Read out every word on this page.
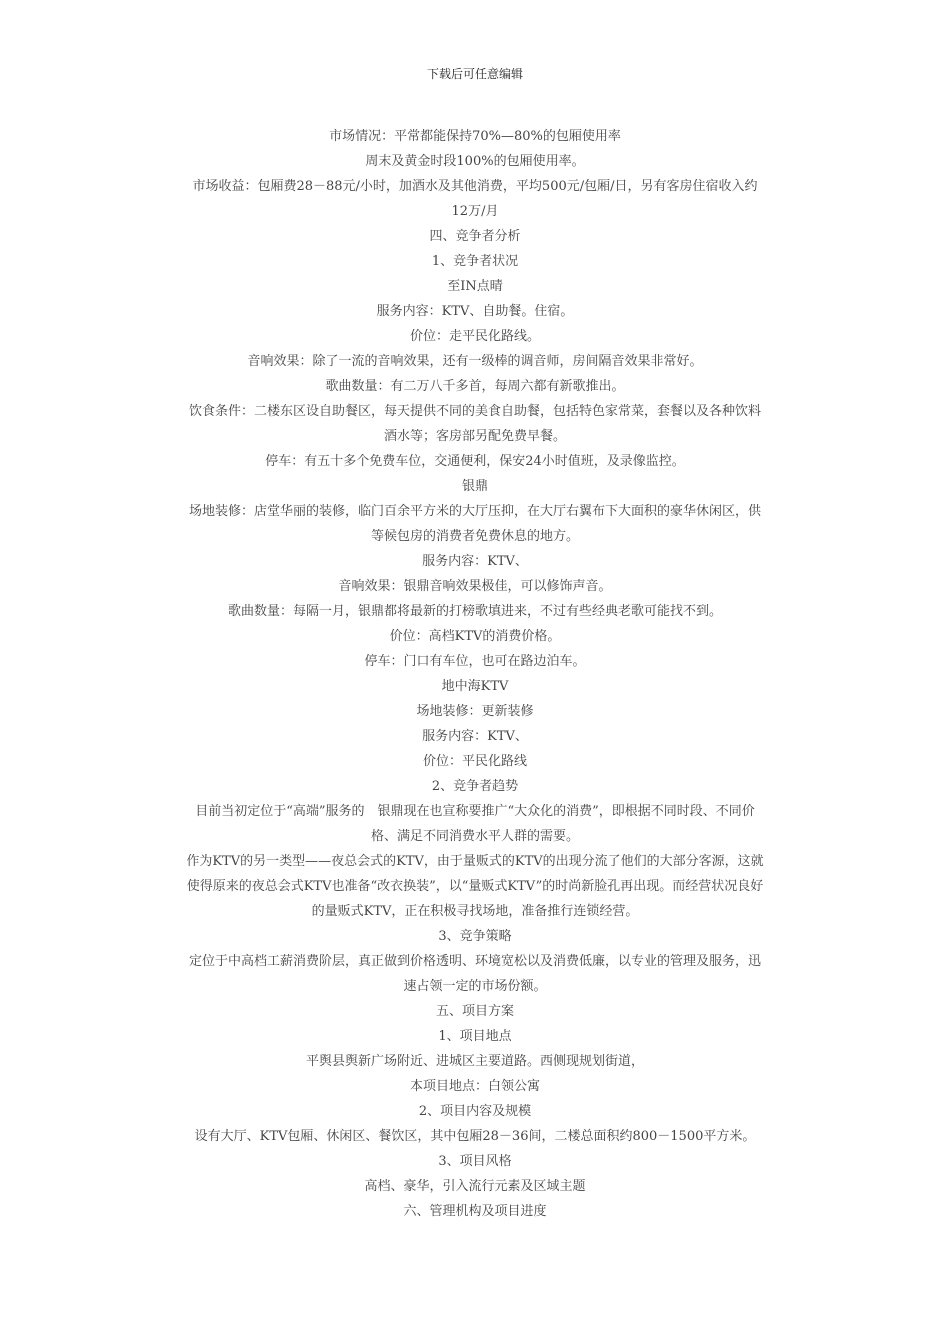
下载后可任意编辑
市场情况：平常都能保持70%—80%的包厢使用率
周末及黄金时段100%的包厢使用率。
市场收益：包厢费28－88元/小时，加酒水及其他消费，平均500元/包厢/日，另有客房住宿收入约
12万/月
四、竞争者分析
1、竞争者状况
至IN点晴
服务内容：KTV、自助餐。住宿。
价位：走平民化路线。
音响效果：除了一流的音响效果，还有一级棒的调音师，房间隔音效果非常好。
歌曲数量：有二万八千多首，每周六都有新歌推出。
饮食条件：二楼东区设自助餐区，每天提供不同的美食自助餐，包括特色家常菜，套餐以及各种饮料
酒水等；客房部另配免费早餐。
停车：有五十多个免费车位，交通便利，保安24小时值班，及录像监控。
银鼎
场地装修：店堂华丽的装修，临门百余平方米的大厅压抑，在大厅右翼布下大面积的豪华休闲区，供
等候包房的消费者免费休息的地方。
服务内容：KTV、
音响效果：银鼎音响效果极佳，可以修饰声音。
歌曲数量：每隔一月，银鼎都将最新的打榜歌填进来，不过有些经典老歌可能找不到。
价位：高档KTV的消费价格。
停车：门口有车位，也可在路边泊车。
地中海KTV
场地装修：更新装修
服务内容：KTV、
价位：平民化路线
2、竞争者趋势
目前当初定位于“高端”服务的　银鼎现在也宣称要推广“大众化的消费”，即根据不同时段、不同价
格、满足不同消费水平人群的需要。
作为KTV的另一类型——夜总会式的KTV，由于量贩式的KTV的出现分流了他们的大部分客源，这就
使得原来的夜总会式KTV也准备“改衣换装”，以“量贩式KTV”的时尚新脸孔再出现。而经营状况良好
的量贩式KTV，正在积极寻找场地，准备推行连锁经营。
3、竞争策略
定位于中高档工薪消费阶层，真正做到价格透明、环境宽松以及消费低廉，以专业的管理及服务，迅
速占领一定的市场份额。
五、项目方案
1、项目地点
平舆县舆新广场附近、进城区主要道路。西侧现规划街道，
本项目地点：白领公寓
2、项目内容及规模
设有大厅、KTV包厢、休闲区、餐饮区，其中包厢28－36间，二楼总面积约800－1500平方米。
3、项目风格
高档、豪华，引入流行元素及区域主题
六、管理机构及项目进度
